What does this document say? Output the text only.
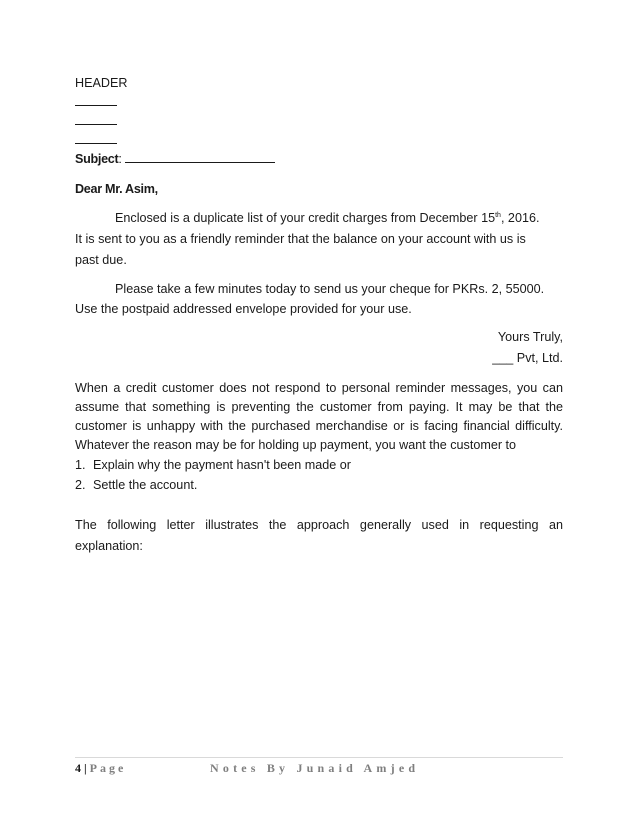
HEADER
Subject:
Dear Mr. Asim,
Enclosed is a duplicate list of your credit charges from December 15th, 2016.
It is sent to you as a friendly reminder that the balance on your account with us is
past due.
Please take a few minutes today to send us your cheque for PKRs. 2, 55000.
Use the postpaid addressed envelope provided for your use.
Yours Truly,
___ Pvt, Ltd.
When a credit customer does not respond to personal reminder messages, you can assume that something is preventing the customer from paying. It may be that the customer is unhappy with the purchased merchandise or is facing financial difficulty. Whatever the reason may be for holding up payment, you want the customer to
1. Explain why the payment hasn't been made or
2. Settle the account.
The following letter illustrates the approach generally used in requesting an explanation:
4 | Page	Notes By Junaid Amjed
